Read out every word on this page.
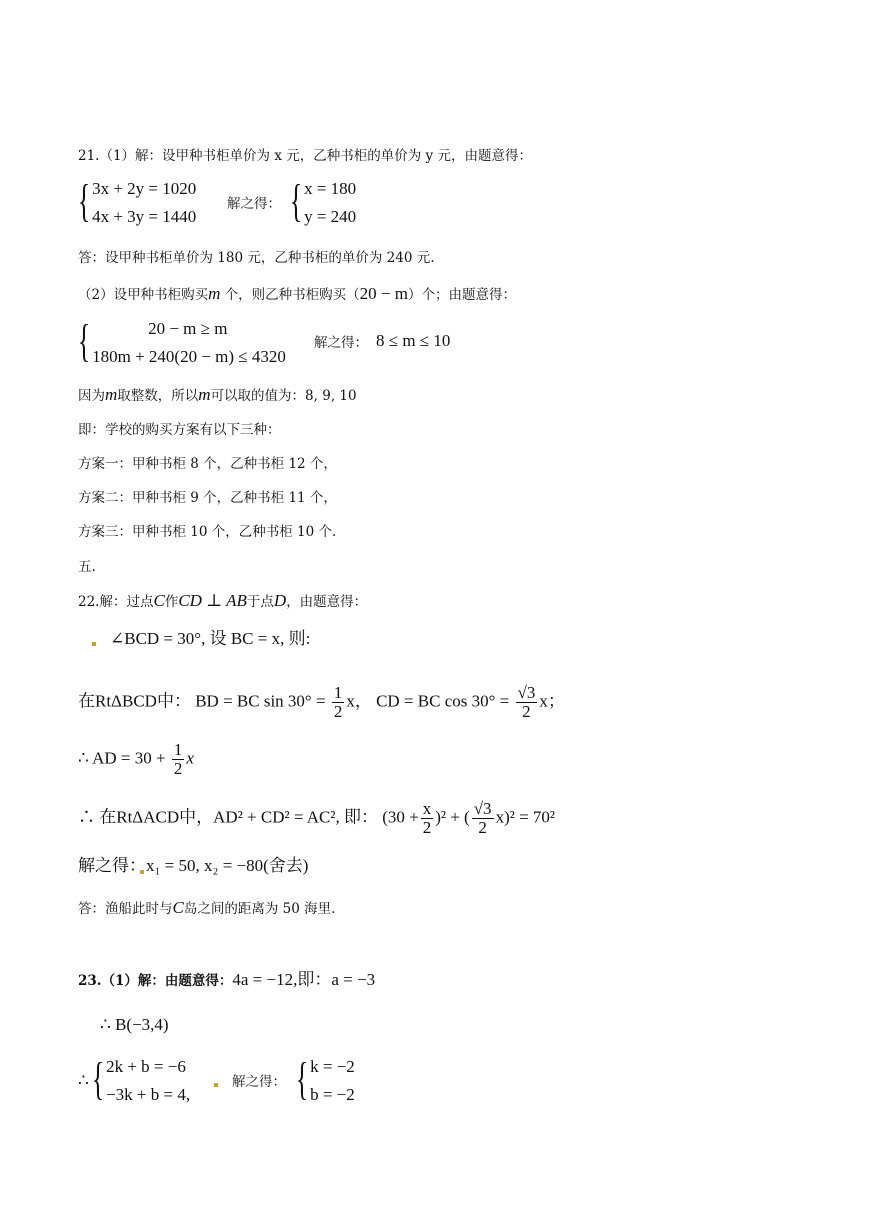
21.（1）解：设甲种书柜单价为 x 元，乙种书柜的单价为 y 元，由题意得：
{ 3x + 2y = 1020
4x + 3y = 1440
解之得： { x = 180
y = 240
答：设甲种书柜单价为 180 元，乙种书柜的单价为 240 元.
（2）设甲种书柜购买m 个，则乙种书柜购买（20 − m）个；由题意得：
{	20 − m ≥ m
180m + 240(20 − m) ≤ 4320
解之得： 8 ≤ m ≤ 10
因为m取整数，所以m可以取的值为：8, 9, 10
即：学校的购买方案有以下三种：
方案一：甲种书柜 8 个，乙种书柜 12 个，
方案二：甲种书柜 9 个，乙种书柜 11 个，
方案三：甲种书柜 10 个，乙种书柜 10 个.
五.
22.解：过点C作CD ⊥ AB于点D，由题意得：
∠BCD = 30°, 设 BC = x, 则:
在RtΔBCD中： BD = BC $\sin 30^\circ = \frac{1}{2}$ x， CD = BC $\cos 30^\circ = \frac{√3}{2}$ x；
∴ AD = $30 + \frac{1}{2}$ x
∴ 在RtΔACD中，AD² + CD² = AC², 即： $(30 + \frac{x}{2} )^2$ + ( $\frac{√3}{2} x)^2 = 70^2$
解之得：x₁ = 50, x₂ = −80(舍去)
答：渔船此时与C岛之间的距离为 50 海里.
23.（1）解：由题意得：4a = −12,即：a = −3
∴ B(−3,4)
∴ { 2k + b = −6
−3k + b = 4,
解之得： { k = −2
b = −2
